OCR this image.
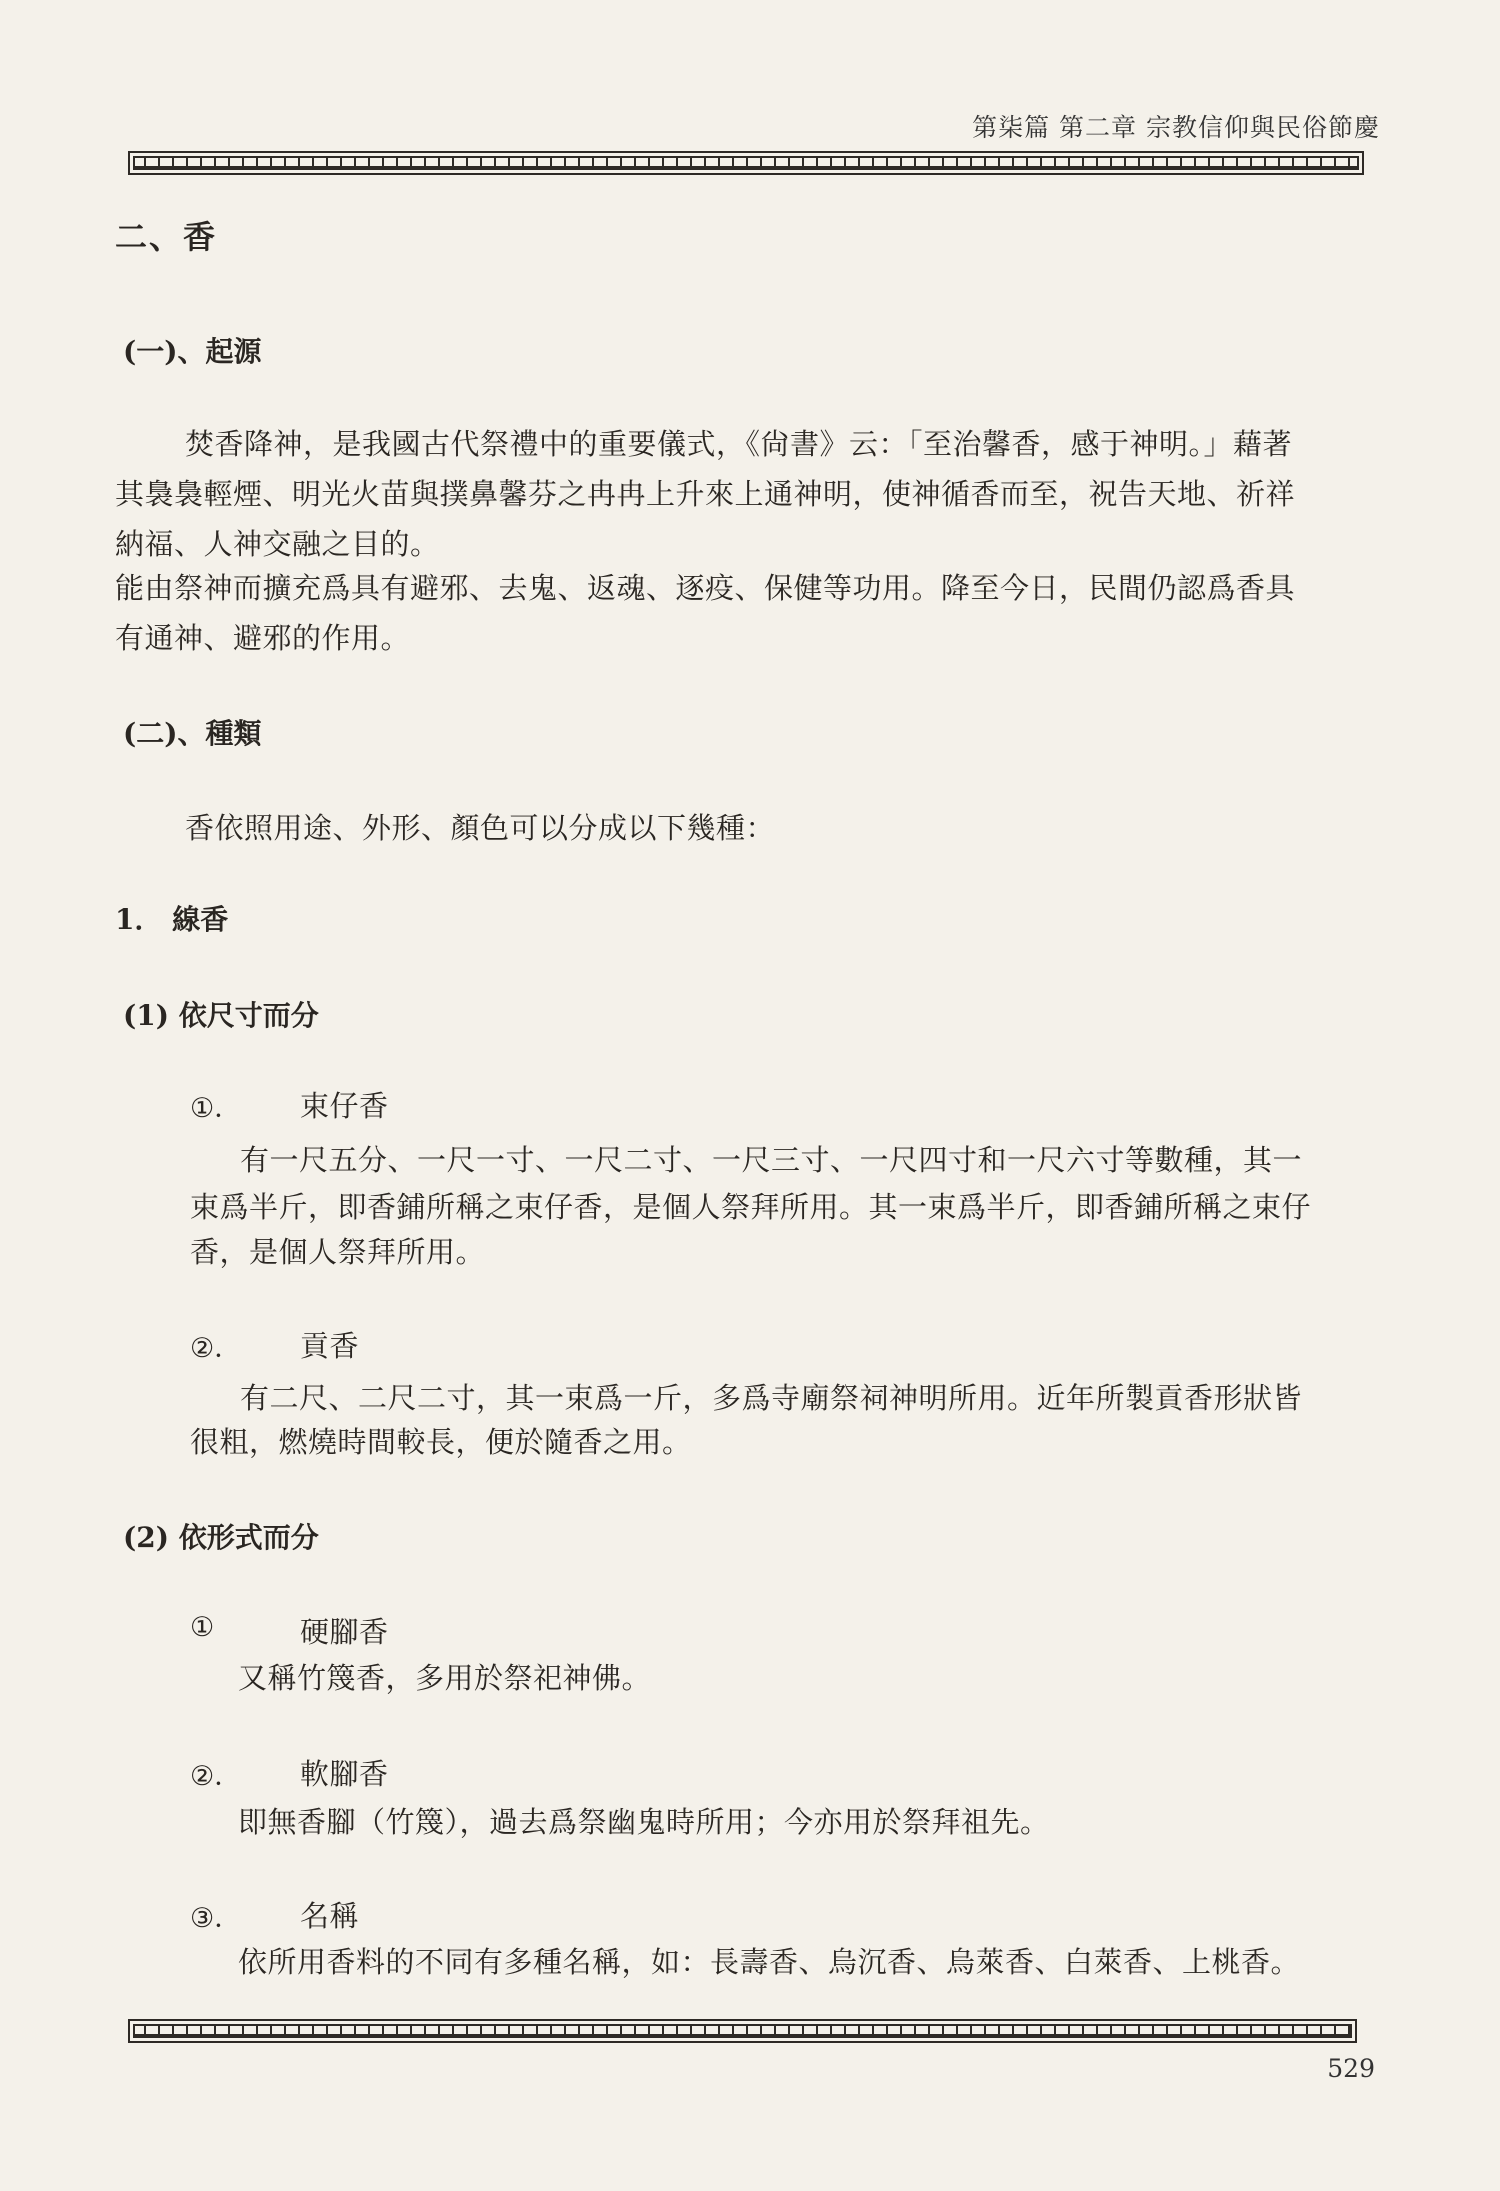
第柒篇 第二章 宗教信仰與民俗節慶
二、香
(一)、起源
焚香降神，是我國古代祭禮中的重要儀式，《尙書》云：「至治馨香，感于神明。」藉著
其裊裊輕煙、明光火苗與撲鼻馨芬之冉冉上升來上通神明，使神循香而至，祝告天地、祈祥
納福、人神交融之目的。
能由祭神而擴充爲具有避邪、去鬼、返魂、逐疫、保健等功用。降至今日，民間仍認爲香具
有通神、避邪的作用。
(二)、種類
香依照用途、外形、顏色可以分成以下幾種：
1． 線香
(1) 依尺寸而分
①． 束仔香
有一尺五分、一尺一寸、一尺二寸、一尺三寸、一尺四寸和一尺六寸等數種，其一
束爲半斤，即香鋪所稱之束仔香，是個人祭拜所用。其一束爲半斤，即香鋪所稱之束仔
香，是個人祭拜所用。
②． 貢香
有二尺、二尺二寸，其一束爲一斤，多爲寺廟祭祠神明所用。近年所製貢香形狀皆
很粗，燃燒時間較長，便於隨香之用。
(2) 依形式而分
①	硬腳香
又稱竹篾香，多用於祭祀神佛。
②． 軟腳香
即無香腳（竹篾），過去爲祭幽鬼時所用；今亦用於祭拜祖先。
③． 名稱
依所用香料的不同有多種名稱，如：長壽香、烏沉香、烏萊香、白萊香、上桃香。
529
